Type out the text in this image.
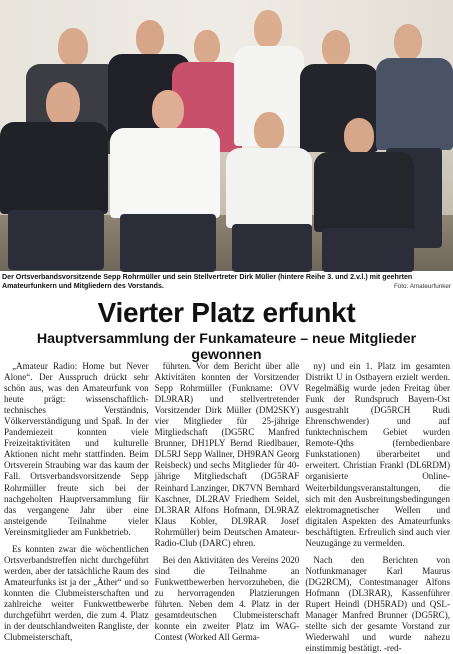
Der Ortsverbandsvorsitzende Sepp Rohrmüller und sein Stellvertreter Dirk Müller (hintere Reihe 3. und 2.v.l.) mit geehrten Amateurfunkern und Mitgliedern des Vorstands.	Foto: Amateurfunker
Vierter Platz erfunkt
Hauptversammlung der Funkamateure – neue Mitglieder gewonnen

„Amateur Radio: Home but Never Alone“. Der Ausspruch drückt sehr schön aus, was den Amateurfunk von heute prägt: wissenschaftlich-technisches Verständnis, Völkerverständigung und Spaß. In der Pandemiezeit konnten viele Freizeitaktivitäten und kulturelle Aktionen nicht mehr stattfinden. Beim Ortsverein Straubing war das kaum der Fall. Ortsverbandsvorsitzende Sepp Rohrmüller freute sich bei der nachgeholten Hauptversammlung für das vergangene Jahr über eine ansteigende Teilnahme vieler Vereinsmitglieder am Funkbetrieb.

Es konnten zwar die wöchentlichen Ortsverbandstreffen nicht durchgeführt werden, aber der tatsächliche Raum des Amateurfunks ist ja der „Äther“ und so konnten die Clubmeisterschaften und zahlreiche weiter Funkwettbewerbe durchgeführt werden, die zum 4. Platz in der deutschlandweiten Rangliste, der Clubmeisterschaft,

führten. Vor dem Bericht über alle Aktivitäten konnten der Vorsitzender Sepp Rohrmüller (Funkname: OVV DL9RAR) und stellvertretender Vorsitzender Dirk Müller (DM2SKY) vier Mitglieder für 25-jährige Mitgliedschaft (DG5RC Manfred Brunner, DH1PLY Bernd Riedlbauer, DL5RJ Sepp Wallner, DH9RAN Georg Reisbeck) und sechs Mitglieder für 40-jährige Mitgliedschaft (DG5RAF Reinhard Lanzinger, DK7VN Bernhard Kaschner, DL2RAV Friedhem Seidel, DL3RAR Alfons Hofmann, DL9RAZ Klaus Kobler, DL9RAR Josef Rohrmüller) beim Deutschen Amateur-Radio-Club (DARC) ehren.

Bei den Aktivitäten des Vereins 2020 sind die Teilnahme an Funkwettbewerben hervorzuheben, die zu hervorragenden Platzierungen führten. Neben dem 4. Platz in der gesamtdeutschen Clubmeisterschaft konnte ein zweiter Platz im WAG-Contest (Worked All Germa-

ny) und ein 1. Platz im gesamten Distrikt U in Ostbayern erzielt werden. Regelmäßig wurde jeden Freitag über Funk der Rundspruch Bayern-Ost ausgestrahlt (DG5RCH Rudi Ehrenschwender) und auf funktechnischem Gebiet wurden Remote-Qths (fernbedienbare Funkstationen) überarbeitet und erweitert. Christian Frankl (DL6RDM) organisierte Online-Weiterbildungsveranstaltungen, die sich mit den Ausbreitungsbedingungen elektromagnetischer Wellen und digitalen Aspekten des Amateurfunks beschäftigten. Erfreulich sind auch vier Neuzugänge zu vermelden.

Nach den Berichten von Notfunkmanager Karl Maurus (DG2RCM), Contestmanager Alfons Hofmann (DL3RAR), Kassenführer Rupert Heindl (DH5RAD) und QSL-Manager Manfred Brunner (DG5RC), stellte sich der gesamte Vorstand zur Wiederwahl und wurde nahezu einstimmig bestätigt. -red-
